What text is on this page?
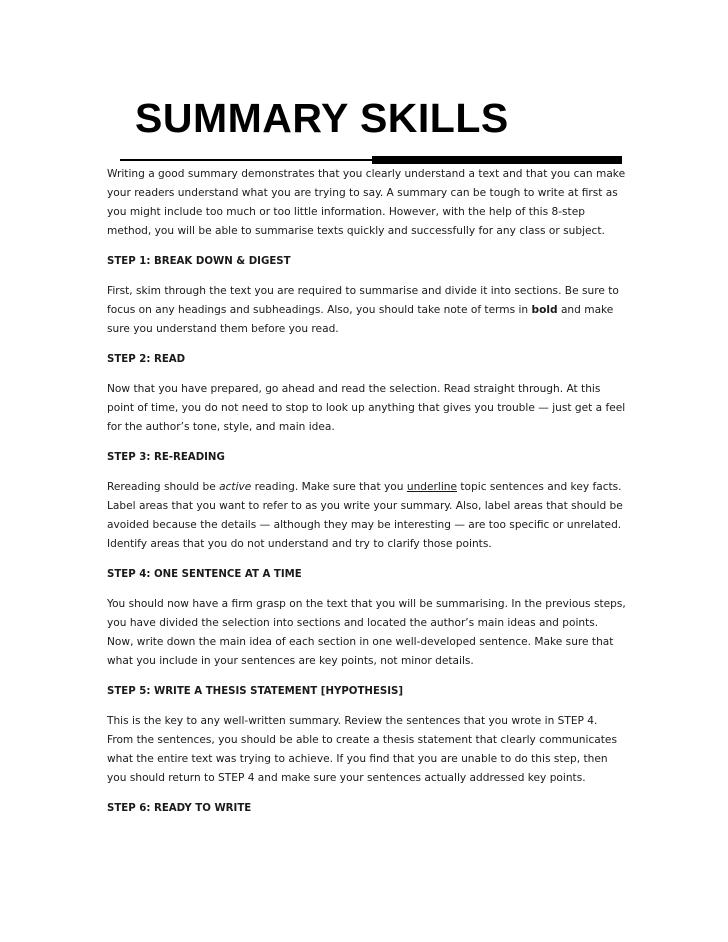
SUMMARY SKILLS

Writing a good summary demonstrates that you clearly understand a text and that you can make your readers understand what you are trying to say. A summary can be tough to write at first as you might include too much or too little information. However, with the help of this 8-step method, you will be able to summarise texts quickly and successfully for any class or subject.

STEP 1: BREAK DOWN & DIGEST

First, skim through the text you are required to summarise and divide it into sections. Be sure to focus on any headings and subheadings. Also, you should take note of terms in bold and make sure you understand them before you read.

STEP 2: READ

Now that you have prepared, go ahead and read the selection. Read straight through. At this point of time, you do not need to stop to look up anything that gives you trouble — just get a feel for the author’s tone, style, and main idea.

STEP 3: RE-READING

Rereading should be active reading. Make sure that you underline topic sentences and key facts. Label areas that you want to refer to as you write your summary. Also, label areas that should be avoided because the details — although they may be interesting — are too specific or unrelated. Identify areas that you do not understand and try to clarify those points.

STEP 4: ONE SENTENCE AT A TIME

You should now have a firm grasp on the text that you will be summarising. In the previous steps, you have divided the selection into sections and located the author’s main ideas and points. Now, write down the main idea of each section in one well-developed sentence. Make sure that what you include in your sentences are key points, not minor details.

STEP 5: WRITE A THESIS STATEMENT [HYPOTHESIS]

This is the key to any well-written summary. Review the sentences that you wrote in STEP 4. From the sentences, you should be able to create a thesis statement that clearly communicates what the entire text was trying to achieve. If you find that you are unable to do this step, then you should return to STEP 4 and make sure your sentences actually addressed key points.

STEP 6: READY TO WRITE
